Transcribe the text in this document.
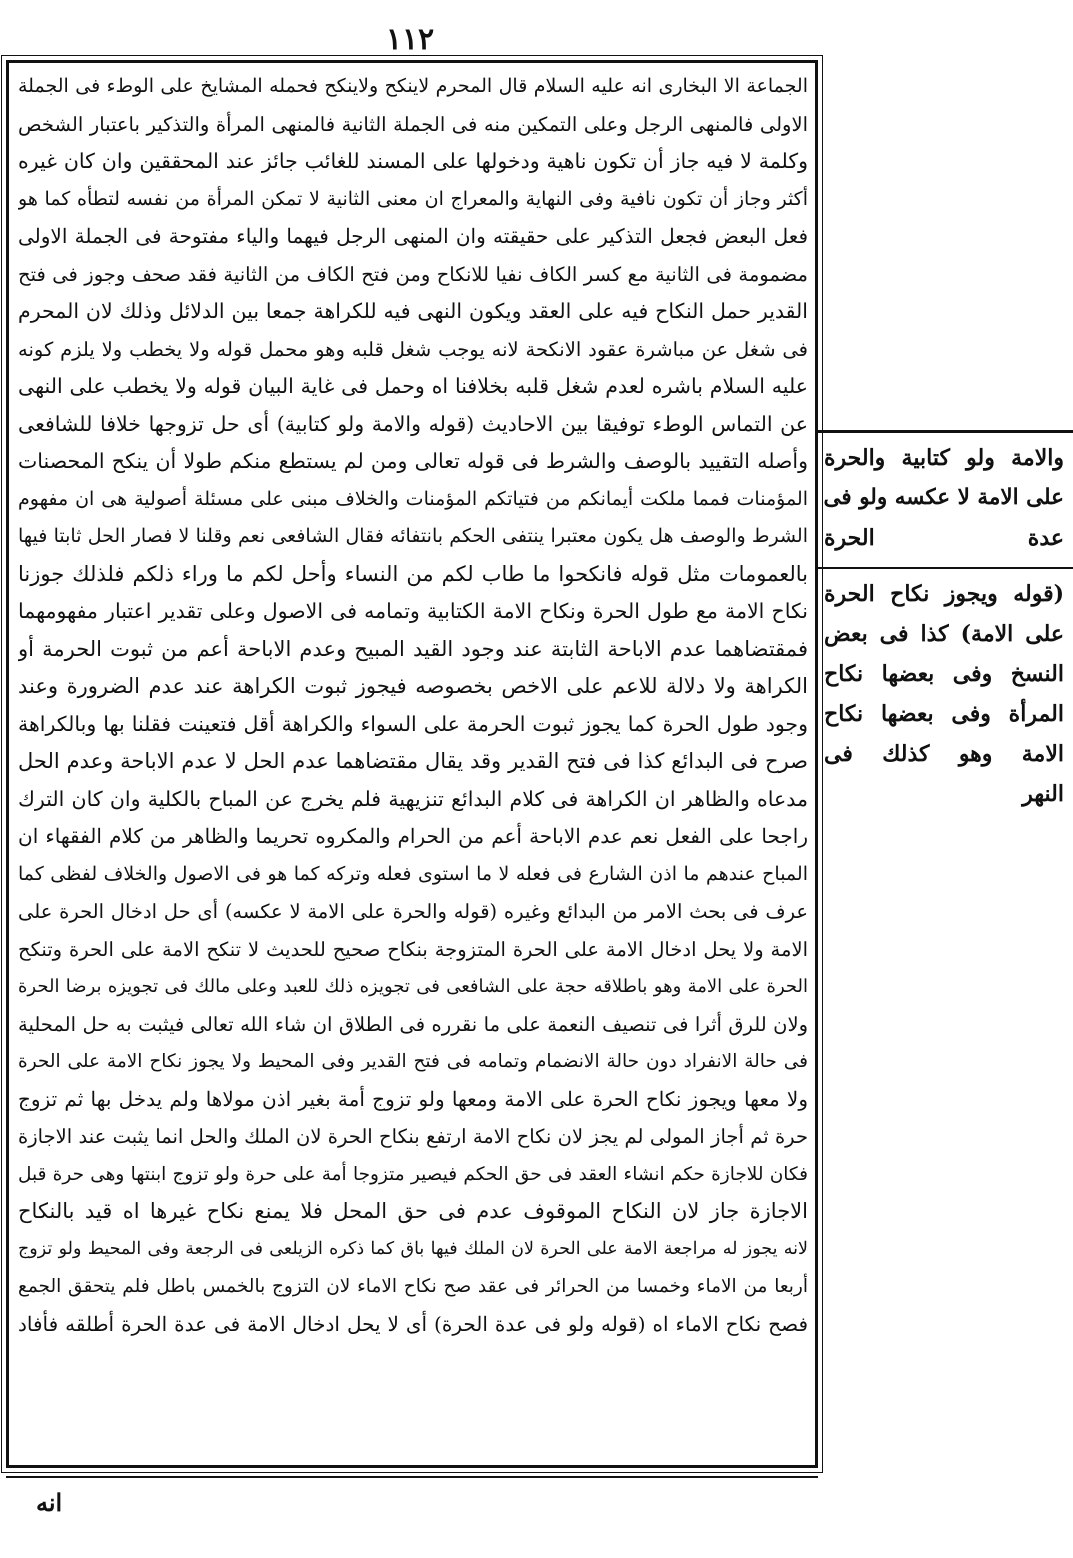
١١٢
الجماعة الا البخارى انه عليه السلام قال المحرم لاينكح ولاينكح فحمله المشايخ على الوطء فى الجملة
الاولى فالمنهى الرجل وعلى التمكين منه فى الجملة الثانية فالمنهى المرأة والتذكير باعتبار الشخص
وكلمة لا فيه جاز أن تكون ناهية ودخولها على المسند للغائب جائز عند المحققين وان كان غيره
أكثر وجاز أن تكون نافية وفى النهاية والمعراج ان معنى الثانية لا تمكن المرأة من نفسه لتطأه كما هو
فعل البعض فجعل التذكير على حقيقته وان المنهى الرجل فيهما والياء مفتوحة فى الجملة الاولى
مضمومة فى الثانية مع كسر الكاف نفيا للانكاح ومن فتح الكاف من الثانية فقد صحف وجوز فى فتح
القدير حمل النكاح فيه على العقد ويكون النهى فيه للكراهة جمعا بين الدلائل وذلك لان المحرم
فى شغل عن مباشرة عقود الانكحة لانه يوجب شغل قلبه وهو محمل قوله ولا يخطب ولا يلزم كونه
عليه السلام باشره لعدم شغل قلبه بخلافنا اه وحمل فى غاية البيان قوله ولا يخطب على النهى
عن التماس الوطء توفيقا بين الاحاديث (قوله والامة ولو كتابية) أى حل تزوجها خلافا للشافعى
وأصله التقييد بالوصف والشرط فى قوله تعالى ومن لم يستطع منكم طولا أن ينكح المحصنات
المؤمنات فمما ملكت أيمانكم من فتياتكم المؤمنات والخلاف مبنى على مسئلة أصولية هى ان مفهوم
الشرط والوصف هل يكون معتبرا ينتفى الحكم بانتفائه فقال الشافعى نعم وقلنا لا فصار الحل ثابتا فيها
بالعمومات مثل قوله فانكحوا ما طاب لكم من النساء وأحل لكم ما وراء ذلكم فلذلك جوزنا
نكاح الامة مع طول الحرة ونكاح الامة الكتابية وتمامه فى الاصول وعلى تقدير اعتبار مفهومهما
فمقتضاهما عدم الاباحة الثابتة عند وجود القيد المبيح وعدم الاباحة أعم من ثبوت الحرمة أو
الكراهة ولا دلالة للاعم على الاخص بخصوصه فيجوز ثبوت الكراهة عند عدم الضرورة وعند
وجود طول الحرة كما يجوز ثبوت الحرمة على السواء والكراهة أقل فتعينت فقلنا بها وبالكراهة
صرح فى البدائع كذا فى فتح القدير وقد يقال مقتضاهما عدم الحل لا عدم الاباحة وعدم الحل
مدعاه والظاهر ان الكراهة فى كلام البدائع تنزيهية فلم يخرج عن المباح بالكلية وان كان الترك
راجحا على الفعل نعم عدم الاباحة أعم من الحرام والمكروه تحريما والظاهر من كلام الفقهاء ان
المباح عندهم ما اذن الشارع فى فعله لا ما استوى فعله وتركه كما هو فى الاصول والخلاف لفظى كما
عرف فى بحث الامر من البدائع وغيره (قوله والحرة على الامة لا عكسه) أى حل ادخال الحرة على
الامة ولا يحل ادخال الامة على الحرة المتزوجة بنكاح صحيح للحديث لا تنكح الامة على الحرة وتنكح
الحرة على الامة وهو باطلاقه حجة على الشافعى فى تجويزه ذلك للعبد وعلى مالك فى تجويزه برضا الحرة
ولان للرق أثرا فى تنصيف النعمة على ما نقرره فى الطلاق ان شاء الله تعالى فيثبت به حل المحلية
فى حالة الانفراد دون حالة الانضمام وتمامه فى فتح القدير وفى المحيط ولا يجوز نكاح الامة على الحرة
ولا معها ويجوز نكاح الحرة على الامة ومعها ولو تزوج أمة بغير اذن مولاها ولم يدخل بها ثم تزوج
حرة ثم أجاز المولى لم يجز لان نكاح الامة ارتفع بنكاح الحرة لان الملك والحل انما يثبت عند الاجازة
فكان للاجازة حكم انشاء العقد فى حق الحكم فيصير متزوجا أمة على حرة ولو تزوج ابنتها وهى حرة قبل
الاجازة جاز لان النكاح الموقوف عدم فى حق المحل فلا يمنع نكاح غيرها اه قيد بالنكاح
لانه يجوز له مراجعة الامة على الحرة لان الملك فيها باق كما ذكره الزيلعى فى الرجعة وفى المحيط ولو تزوج
أربعا من الاماء وخمسا من الحرائر فى عقد صح نكاح الاماء لان التزوج بالخمس باطل فلم يتحقق الجمع
فصح نكاح الاماء اه (قوله ولو فى عدة الحرة) أى لا يحل ادخال الامة فى عدة الحرة أطلقه فأفاد
والامة ولو كتابية والحرة
على الامة لا عكسه ولو فى
عدة الحرة
(قوله ويجوز نكاح الحرة
على الامة) كذا فى بعض
النسخ وفى بعضها نكاح
المرأة وفى بعضها نكاح
الامة وهو كذلك فى
النهر
انه
